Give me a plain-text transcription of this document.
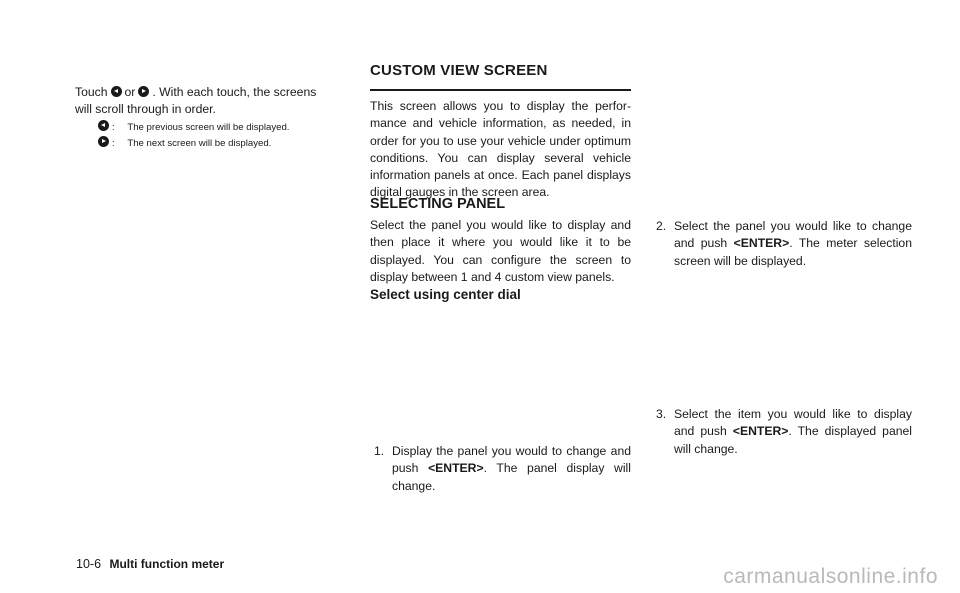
Touch or . With each touch, the screens
will scroll through in order.
: The previous screen will be displayed.
: The next screen will be displayed.
CUSTOM VIEW SCREEN
This screen allows you to display the perfor-mance and vehicle information, as needed, in order for you to use your vehicle under optimum conditions. You can display several vehicle information panels at once. Each panel displays digital gauges in the screen area.
SELECTING PANEL
Select the panel you would like to display and then place it where you would like it to be displayed. You can configure the screen to display between 1 and 4 custom view panels.
Select using center dial
1. Display the panel you would to change and push <ENTER>. The panel display will change.
2. Select the panel you would like to change and push <ENTER>. The meter selection screen will be displayed.
3. Select the item you would like to display and push <ENTER>. The displayed panel will change.
10-6 Multi function meter
carmanualsonline.info
